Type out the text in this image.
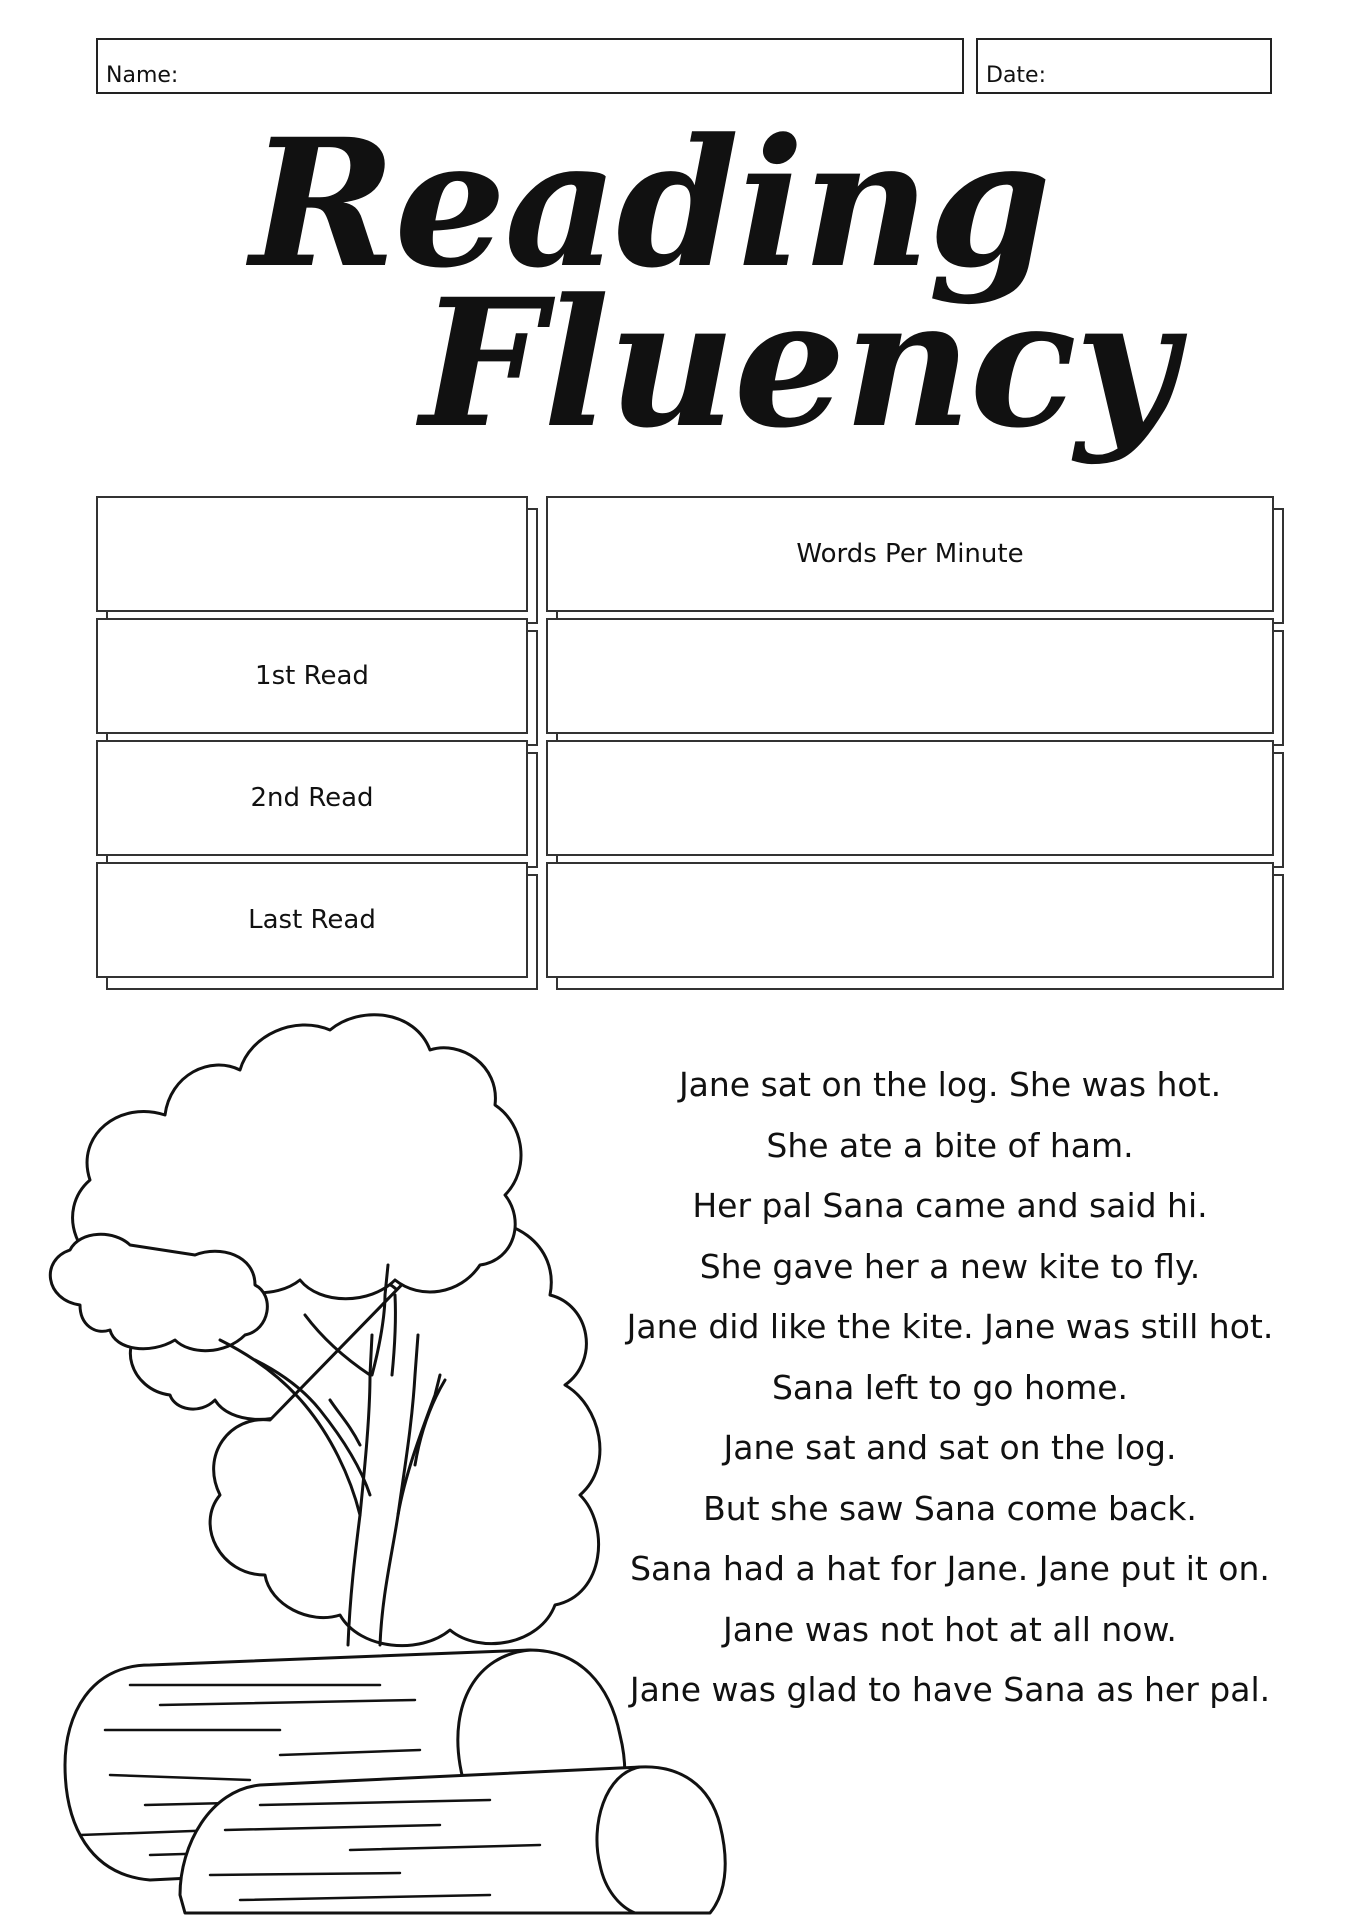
Name:	Date:
Reading
Fluency
Words Per Minute
1st Read
2nd Read
Last Read
Jane sat on the log. She was hot.
She ate a bite of ham.
Her pal Sana came and said hi.
She gave her a new kite to fly.
Jane did like the kite. Jane was still hot.
Sana left to go home.
Jane sat and sat on the log.
But she saw Sana come back.
Sana had a hat for Jane. Jane put it on.
Jane was not hot at all now.
Jane was glad to have Sana as her pal.
